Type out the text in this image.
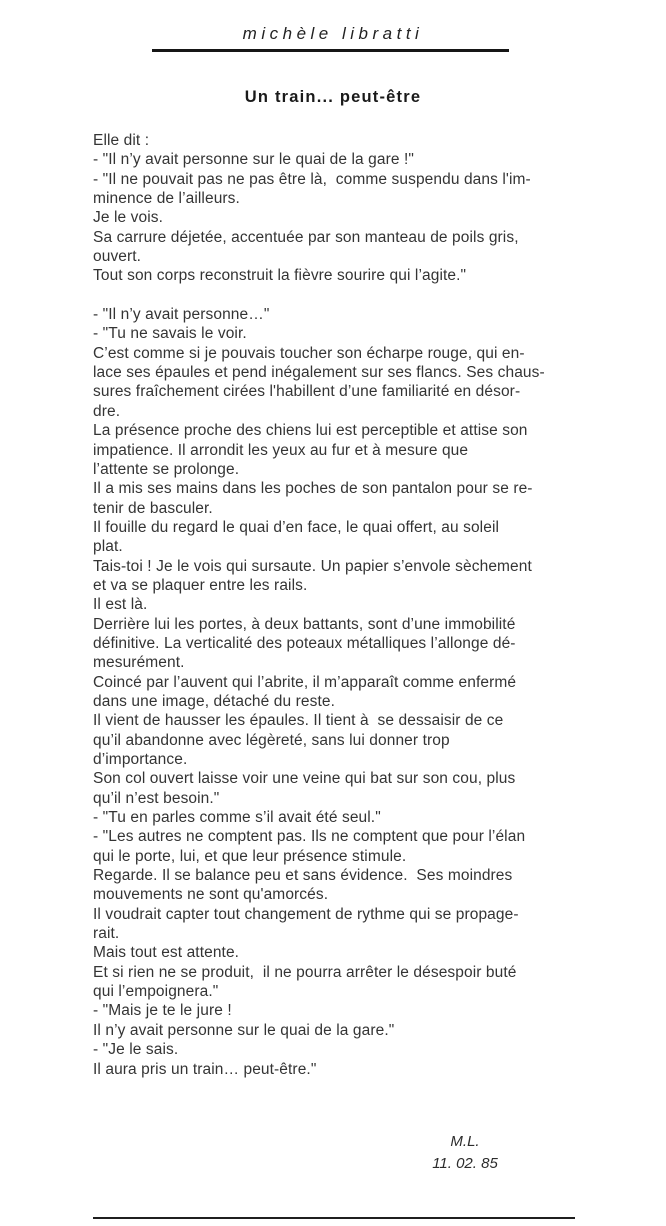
michèle libratti
Un train... peut-être
Elle dit :
- "Il n’y avait personne sur le quai de la gare !"
- "Il ne pouvait pas ne pas être là,  comme suspendu dans l'im-
minence de l’ailleurs.
Je le vois.
Sa carrure déjetée, accentuée par son manteau de poils gris,
ouvert.
Tout son corps reconstruit la fièvre sourire qui l’agite."
- "Il n’y avait personne…"
- "Tu ne savais le voir.
C’est comme si je pouvais toucher son écharpe rouge, qui en-
lace ses épaules et pend inégalement sur ses flancs. Ses chaus-
sures fraîchement cirées l'habillent d’une familiarité en désor-
dre.
La présence proche des chiens lui est perceptible et attise son
impatience. Il arrondit les yeux au fur et à mesure que
l’attente se prolonge.
Il a mis ses mains dans les poches de son pantalon pour se re-
tenir de basculer.
Il fouille du regard le quai d’en face, le quai offert, au soleil
plat.
Tais-toi ! Je le vois qui sursaute. Un papier s’envole sèchement
et va se plaquer entre les rails.
Il est là.
Derrière lui les portes, à deux battants, sont d’une immobilité
définitive. La verticalité des poteaux métalliques l’allonge dé-
mesurément.
Coincé par l’auvent qui l’abrite, il m’apparaît comme enfermé
dans une image, détaché du reste.
Il vient de hausser les épaules. Il tient à  se dessaisir de ce
qu’il abandonne avec légèreté, sans lui donner trop
d’importance.
Son col ouvert laisse voir une veine qui bat sur son cou, plus
qu’il n’est besoin."
- "Tu en parles comme s’il avait été seul."
- "Les autres ne comptent pas. Ils ne comptent que pour l’élan
qui le porte, lui, et que leur présence stimule.
Regarde. Il se balance peu et sans évidence.  Ses moindres
mouvements ne sont qu'amorcés.
Il voudrait capter tout changement de rythme qui se propage-
rait.
Mais tout est attente.
Et si rien ne se produit,  il ne pourra arrêter le désespoir buté
qui l’empoignera."
- "Mais je te le jure !
Il n’y avait personne sur le quai de la gare."
- "Je le sais.
Il aura pris un train… peut-être."
M.L.
11. 02. 85
